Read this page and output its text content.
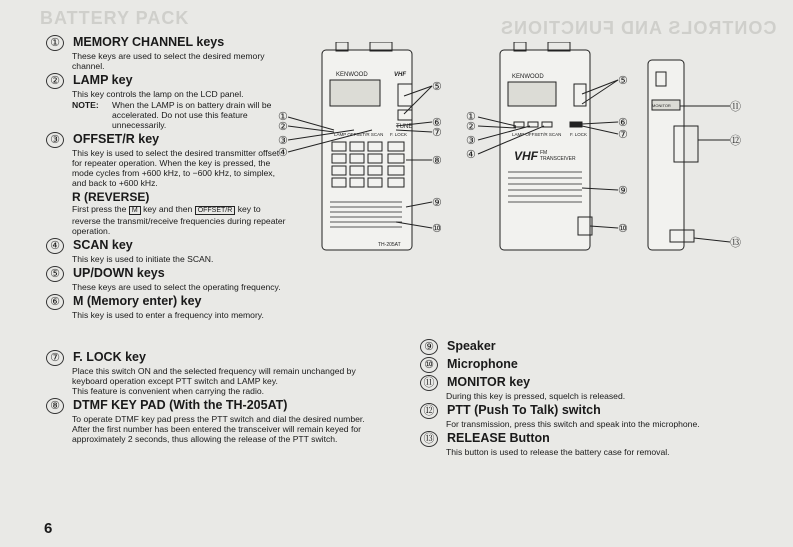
BATTERY PACK	CONTROLS AND FUNCTIONS
①	MEMORY CHANNEL keys
These keys are used to select the desired memory channel.
②	LAMP key
This key controls the lamp on the LCD panel.
NOTE:	When the LAMP is on battery drain will be accelerated. Do not use this feature unnecessarily.
③	OFFSET/R key
This key is used to select the desired transmitter offset for repeater operation. When the key is pressed, the mode cycles from +600 kHz, to −600 kHz, to simplex, and back to +600 kHz.
R (REVERSE)
First press the M key and then OFFSET/R key to reverse the transmit/receive frequencies during repeater operation.
④	SCAN key
This key is used to initiate the SCAN.
⑤	UP/DOWN keys
These keys are used to select the operating frequency.
⑥	M (Memory enter) key
This key is used to enter a frequency into memory.
⑦	F. LOCK key
Place this switch ON and the selected frequency will remain unchanged by keyboard operation except PTT switch and LAMP key.
This feature is convenient when carrying the radio.
⑧	DTMF KEY PAD (With the TH-205AT)
To operate DTMF key pad press the PTT switch and dial the desired number.
After the first number has been entered the transceiver will remain keyed for approximately 2 seconds, thus allowing the release of the PTT switch.
KENWOOD	VHF
TUNE
LAMP OFFSET/R SCAN F. LOCK
TH-205AT
KENWOOD
LAMP OFFSET/R SCAN F. LOCK
VHF FM
TRANSCEIVER
MONITOR
①
②
③
④
⑤
⑥
⑦
⑧
⑨
⑩
①
②
③
④
⑤
⑥
⑦
⑨
⑩
⑪
⑫
⑬
⑨	Speaker
⑩	Microphone
⑪ MONITOR key
During this key is pressed, squelch is released.
⑫ PTT (Push To Talk) switch
For transmission, press this switch and speak into the microphone.
⑬ RELEASE Button
This button is used to release the battery case for removal.
6
